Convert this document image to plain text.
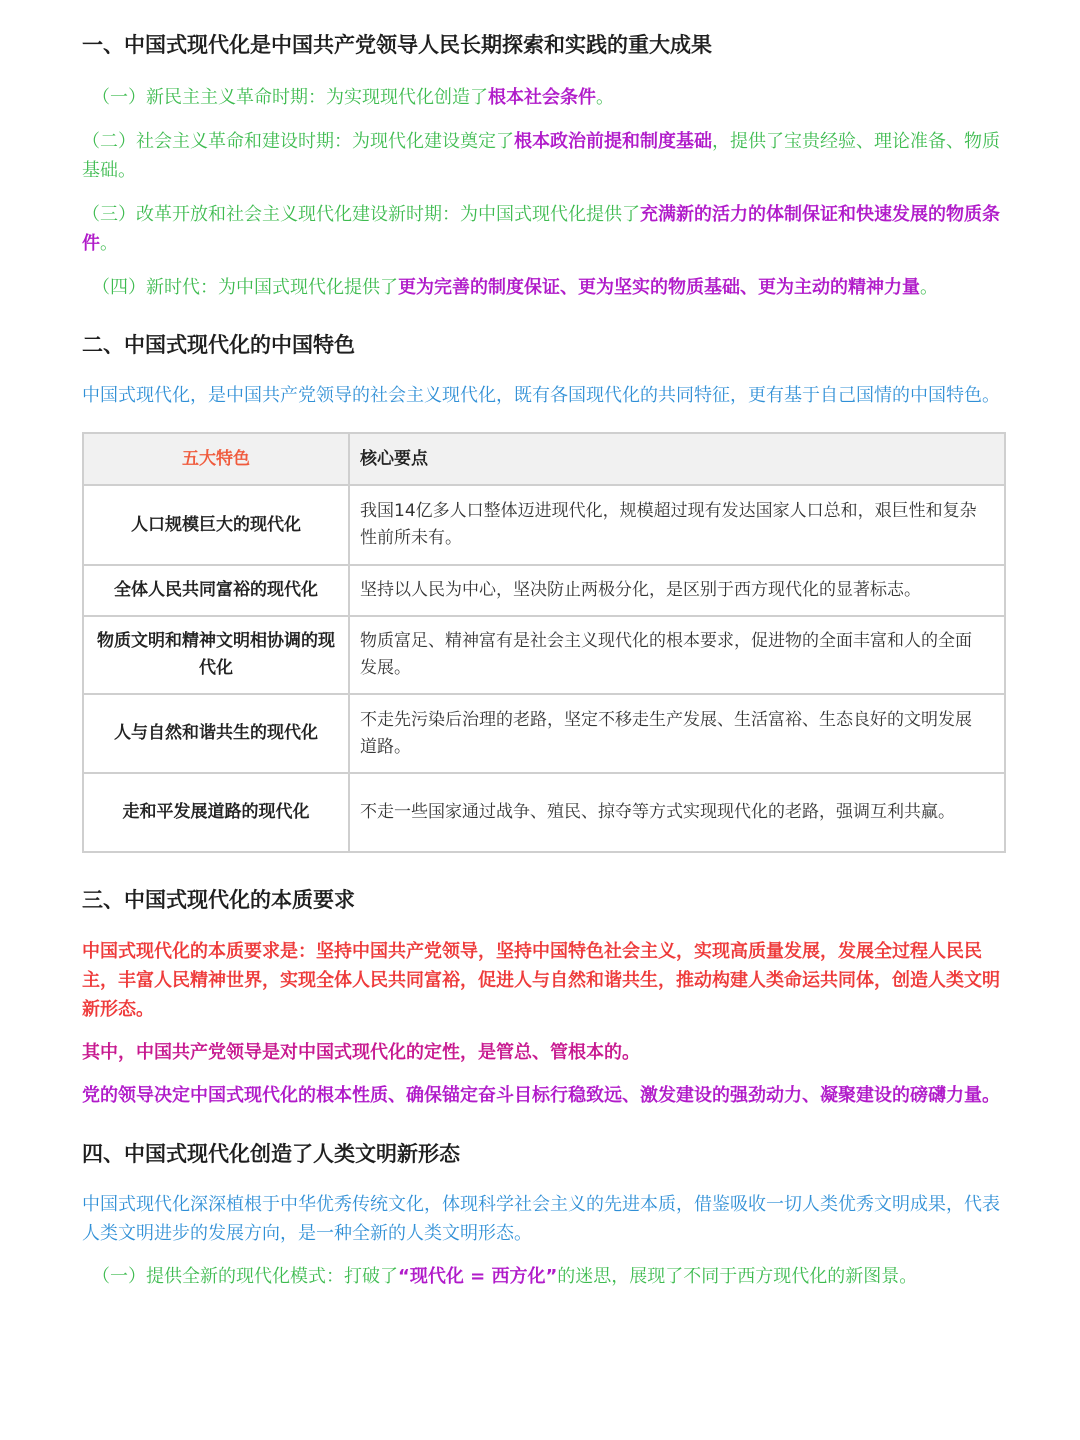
一、中国式现代化是中国共产党领导人民长期探索和实践的重大成果

（一）新民主主义革命时期：为实现现代化创造了根本社会条件。

（二）社会主义革命和建设时期：为现代化建设奠定了根本政治前提和制度基础，提供了宝贵经验、理论准备、物质基础。

（三）改革开放和社会主义现代化建设新时期：为中国式现代化提供了充满新的活力的体制保证和快速发展的物质条件。

（四）新时代：为中国式现代化提供了更为完善的制度保证、更为坚实的物质基础、更为主动的精神力量。

二、中国式现代化的中国特色

中国式现代化，是中国共产党领导的社会主义现代化，既有各国现代化的共同特征，更有基于自己国情的中国特色。

五大特色	核心要点
人口规模巨大的现代化	我国14亿多人口整体迈进现代化，规模超过现有发达国家人口总和，艰巨性和复杂性前所未有。
全体人民共同富裕的现代化	坚持以人民为中心，坚决防止两极分化，是区别于西方现代化的显著标志。
物质文明和精神文明相协调的现代化	物质富足、精神富有是社会主义现代化的根本要求，促进物的全面丰富和人的全面发展。
人与自然和谐共生的现代化	不走先污染后治理的老路，坚定不移走生产发展、生活富裕、生态良好的文明发展道路。
走和平发展道路的现代化	不走一些国家通过战争、殖民、掠夺等方式实现现代化的老路，强调互利共赢。
三、中国式现代化的本质要求

中国式现代化的本质要求是：坚持中国共产党领导，坚持中国特色社会主义，实现高质量发展，发展全过程人民民主，丰富人民精神世界，实现全体人民共同富裕，促进人与自然和谐共生，推动构建人类命运共同体，创造人类文明新形态。

其中，中国共产党领导是对中国式现代化的定性，是管总、管根本的。

党的领导决定中国式现代化的根本性质、确保锚定奋斗目标行稳致远、激发建设的强劲动力、凝聚建设的磅礴力量。

四、中国式现代化创造了人类文明新形态

中国式现代化深深植根于中华优秀传统文化，体现科学社会主义的先进本质，借鉴吸收一切人类优秀文明成果，代表人类文明进步的发展方向，是一种全新的人类文明形态。

（一）提供全新的现代化模式：打破了“现代化 = 西方化”的迷思，展现了不同于西方现代化的新图景。
